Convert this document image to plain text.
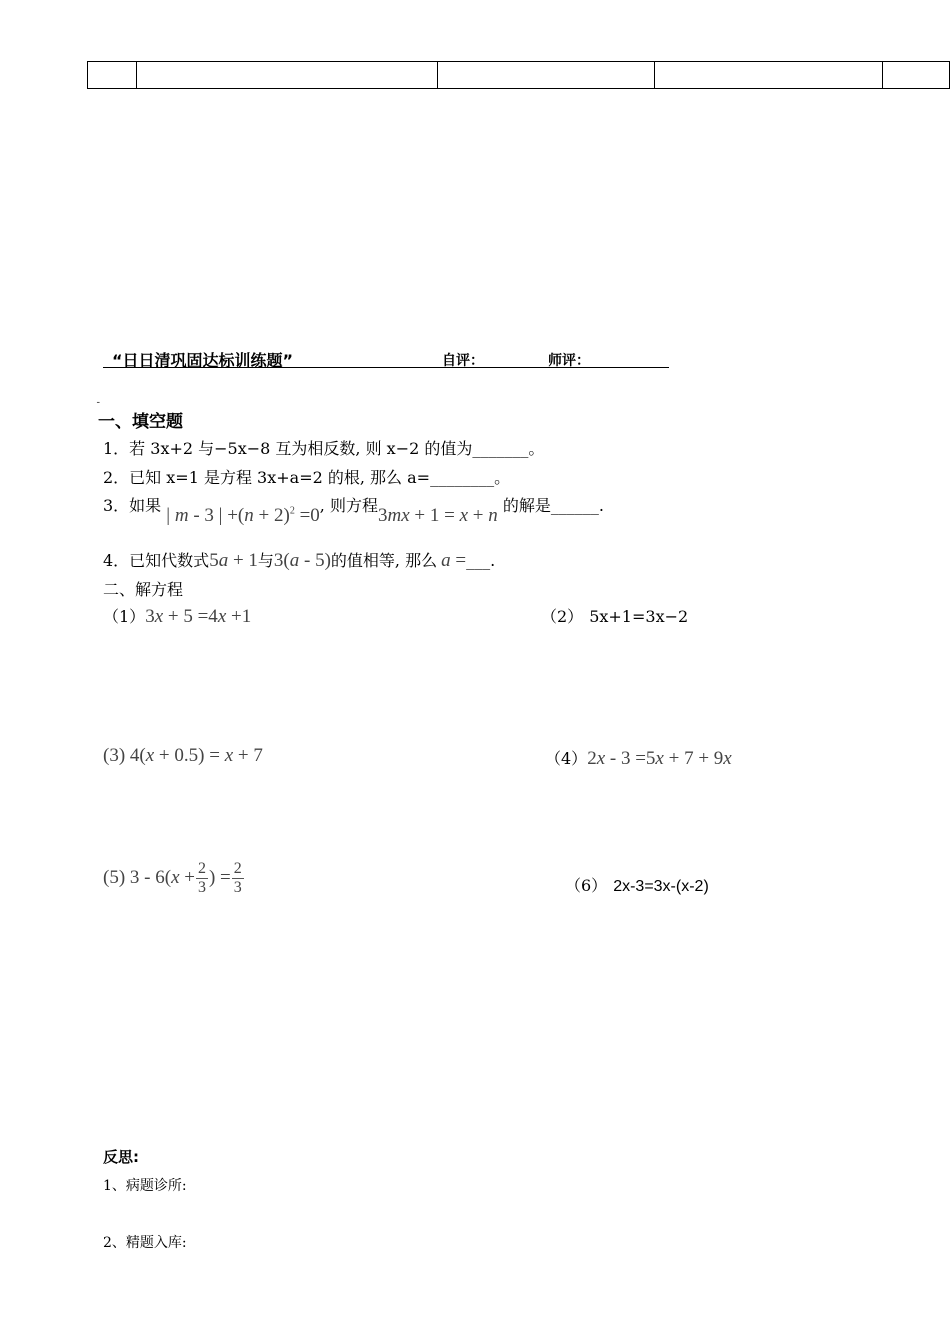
“日日清巩固达标训练题”	自评：	师评：
一、填空题
ˉ
1．若 3x+2 与−5x−8 互为相反数, 则 x−2 的值为_______。
2．已知 x=1 是方程 3x+a=2 的根, 那么 a=________。
3．如果 | m - 3 | $+(n + 2)^2 =0$, 则方程3mx + 1 = x + n 的解是______.
4．已知代数式5a + 1与3(a - 5)的值相等, 那么 a =___.
二、解方程
（1）3x + 5 =4x +1	（2） 5x+1=3x−2
(3) 4(x + 0.5) = x + 7	（4）2x - 3 =5x + 7 + 9x
(5) $3 - 6(x + \frac{2}{3}$ ) = $\frac{2}{3}$	（6） 2x-3=3x-(x-2)
反思:
1、病题诊所:
2、精题入库:
